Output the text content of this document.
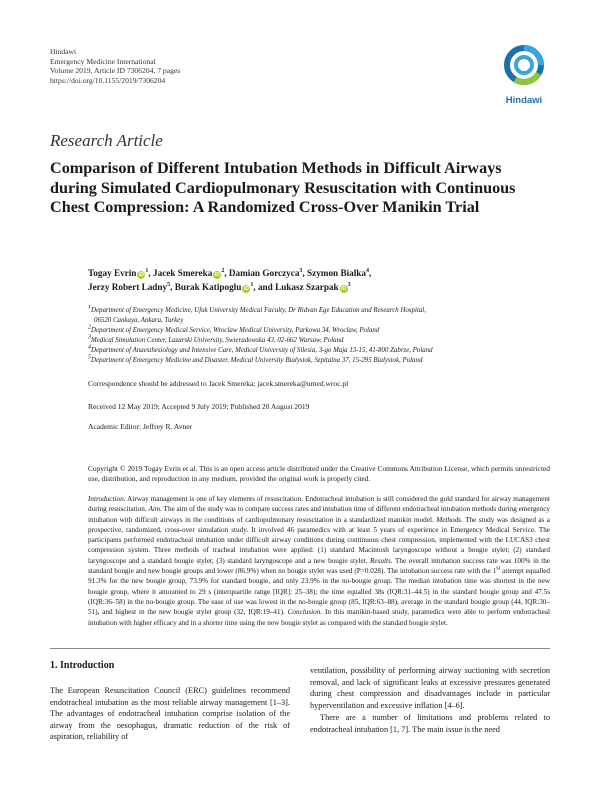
Hindawi
Emergency Medicine International
Volume 2019, Article ID 7306204, 7 pages
https://doi.org/10.1155/2019/7306204
Hindawi
Research Article
Comparison of Different Intubation Methods in Difficult Airways during Simulated Cardiopulmonary Resuscitation with Continuous Chest Compression: A Randomized Cross-Over Manikin Trial
Togay Evrin $iD^1$, Jacek Smereka $iD^2$, Damian Gorczyca$^3$, Szymon Bialka$^4$,
Jerzy Robert Ladny$^5$, Burak Katipoglu $iD^1$, and Lukasz Szarpak $iD^3$
$^1$Department of Emergency Medicine, Ufuk University Medical Faculty, Dr Ridvan Ege Education and Research Hospital,
06520 Cankaya, Ankara, Turkey
$^2$Department of Emergency Medical Service, Wroclaw Medical University, Parkowa 34, Wroclaw, Poland
$^3$Medical Simulation Center, Lazarski University, Swieradowska 43, 02-662 Warsaw, Poland
$^4$Department of Anaesthesiology and Intensive Care, Medical University of Silesia, 3-go Maja 13-15, 41-800 Zabrze, Poland
$^5$Department of Emergency Medicine and Disaster, Medical University Bialystok, Szpitalna 37, 15-295 Bialystok, Poland
Correspondence should be addressed to Jacek Smereka; jacek.smereka@umed.wroc.pl
Received 12 May 2019; Accepted 9 July 2019; Published 20 August 2019
Academic Editor: Jeffrey R. Avner
Copyright © 2019 Togay Evrin et al. This is an open access article distributed under the Creative Commons Attribution License, which permits unrestricted use, distribution, and reproduction in any medium, provided the original work is properly cited.
Introduction. Airway management is one of key elements of resuscitation. Endotracheal intubation is still considered the gold standard for airway management during resuscitation. Aim. The aim of the study was to compare success rates and intubation time of different endotracheal intubation methods during emergency intubation with difficult airways in the conditions of cardiopulmonary resuscitation in a standardized manikin model. Methods. The study was designed as a prospective, randomized, cross-over simulation study. It involved 46 paramedics with at least 5 years of experience in Emergency Medical Service. The participants performed endotracheal intubation under difficult airway conditions during continuous chest compression, implemented with the LUCAS3 chest compression system. Three methods of tracheal intubation were applied: (1) standard Macintosh laryngoscope without a bougie stylet; (2) standard laryngoscope and a standard bougie stylet; (3) standard laryngoscope and a new bougie stylet. Results. The overall intubation success rate was 100% in the standard bougie and new bougie groups and lower (86.9%) when no bougie stylet was used (P=0.028). The intubation success rate with the 1st attempt equalled 91.3% for the new bougie group, 73.9% for standard bougie, and only 23.9% in the no-bougie group. The median intubation time was shortest in the new bougie group, where it amounted to 29 s (interquartile range [IQR]: 25–38); the time equalled 38s (IQR:31–44.5) in the standard bougie group and 47.5s (IQR:36–58) in the no-bougie group. The ease of use was lowest in the no-bougie group (85, IQR:63–88), average in the standard bougie group (44, IQR:30–51), and highest in the new bougie stylet group (32, IQR:19–41). Conclusion. In this manikin-based study, paramedics were able to perform endotracheal intubation with higher efficacy and in a shorter time using the new bougie stylet as compared with the standard bougie stylet.
1. Introduction

The European Resuscitation Council (ERC) guidelines recommend endotracheal intubation as the most reliable airway management [1–3]. The advantages of endotracheal intubation comprise isolation of the airway from the oesophagus, dramatic reduction of the risk of aspiration, reliability of

ventilation, possibility of performing airway suctioning with secretion removal, and lack of significant leaks at excessive pressures generated during chest compression and disadvantages include in particular hyperventilation and excessive inflation [4–6].

There are a number of limitations and problems related to endotracheal intubation [1, 7]. The main issue is the need
